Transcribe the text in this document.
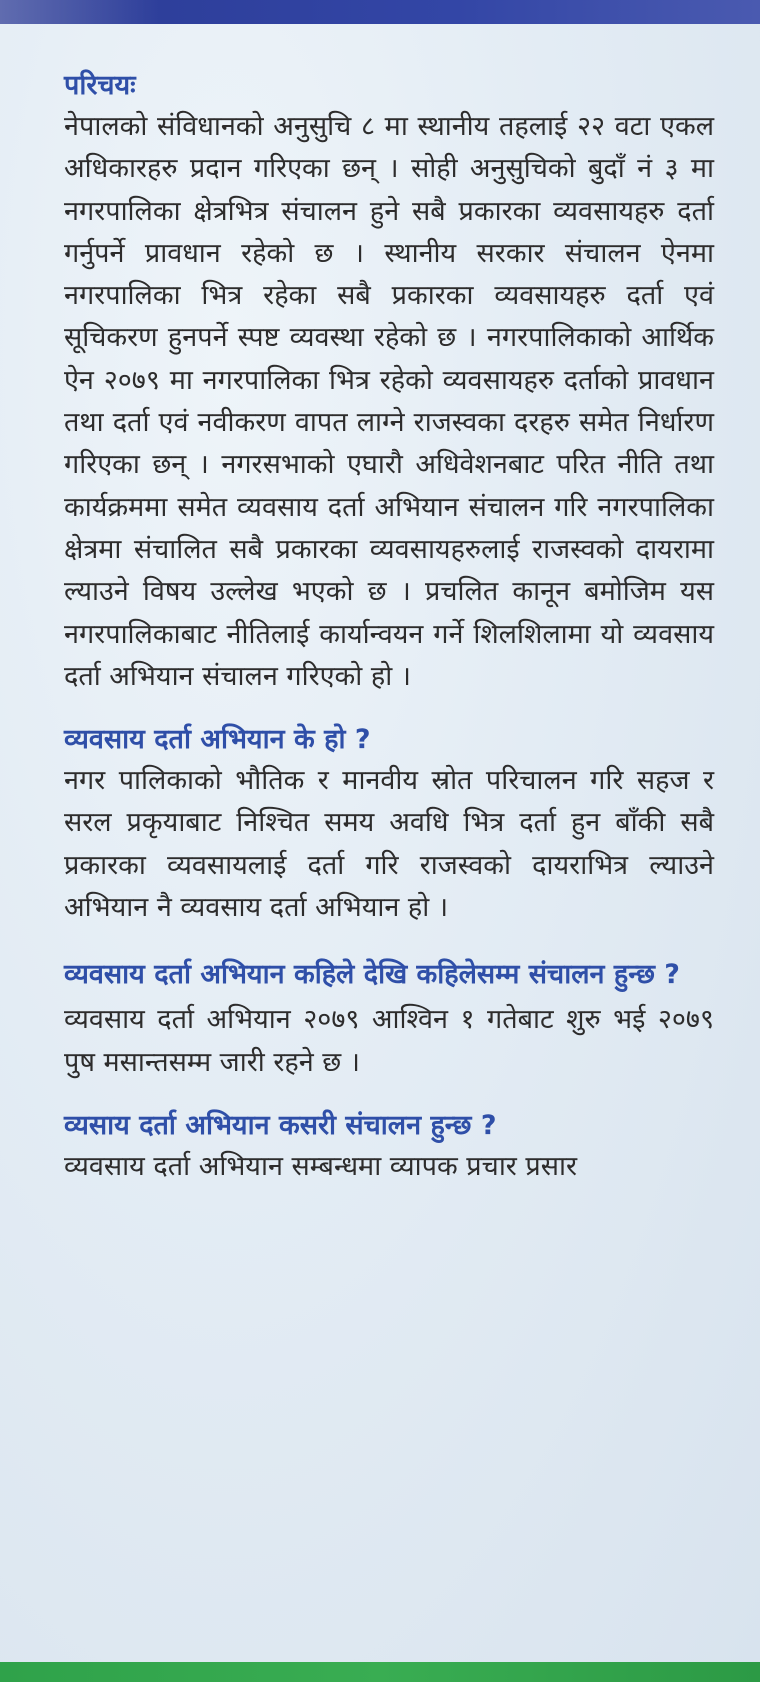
परिचयः

नेपालको संविधानको अनुसुचि ८ मा स्थानीय तहलाई २२ वटा एकल अधिकारहरु प्रदान गरिएका छन् । सोही अनुसुचिको बुदाँ नं ३ मा नगरपालिका क्षेत्रभित्र संचालन हुने सबै प्रकारका व्यवसायहरु दर्ता गर्नुपर्ने प्रावधान रहेको छ । स्थानीय सरकार संचालन ऐनमा नगरपालिका भित्र रहेका सबै प्रकारका व्यवसायहरु दर्ता एवं सूचिकरण हुनपर्ने स्पष्ट व्यवस्था रहेको छ । नगरपालिकाको आर्थिक ऐन २०७९ मा नगरपालिका भित्र रहेको व्यवसायहरु दर्ताको प्रावधान तथा दर्ता एवं नवीकरण वापत लाग्ने राजस्वका दरहरु समेत निर्धारण गरिएका छन् । नगरसभाको एघारौ अधिवेशनबाट परित नीति तथा कार्यक्रममा समेत व्यवसाय दर्ता अभियान संचालन गरि नगरपालिका क्षेत्रमा संचालित सबै प्रकारका व्यवसायहरुलाई राजस्वको दायरामा ल्याउने विषय उल्लेख भएको छ । प्रचलित कानून बमोजिम यस नगरपालिकाबाट नीतिलाई कार्यान्वयन गर्ने शिलशिलामा यो व्यवसाय दर्ता अभियान संचालन गरिएको हो ।

व्यवसाय दर्ता अभियान के हो ?

नगर पालिकाको भौतिक र मानवीय स्रोत परिचालन गरि सहज र सरल प्रकृयाबाट निश्चित समय अवधि भित्र दर्ता हुन बाँकी सबै प्रकारका व्यवसायलाई दर्ता गरि राजस्वको दायराभित्र ल्याउने अभियान नै व्यवसाय दर्ता अभियान हो ।

व्यवसाय दर्ता अभियान कहिले देखि कहिलेसम्म संचालन हुन्छ ?

व्यवसाय दर्ता अभियान २०७९ आश्विन १ गतेबाट शुरु भई २०७९ पुष मसान्तसम्म जारी रहने छ ।

व्यसाय दर्ता अभियान कसरी संचालन हुन्छ ?

व्यवसाय दर्ता अभियान सम्बन्धमा व्यापक प्रचार प्रसार
